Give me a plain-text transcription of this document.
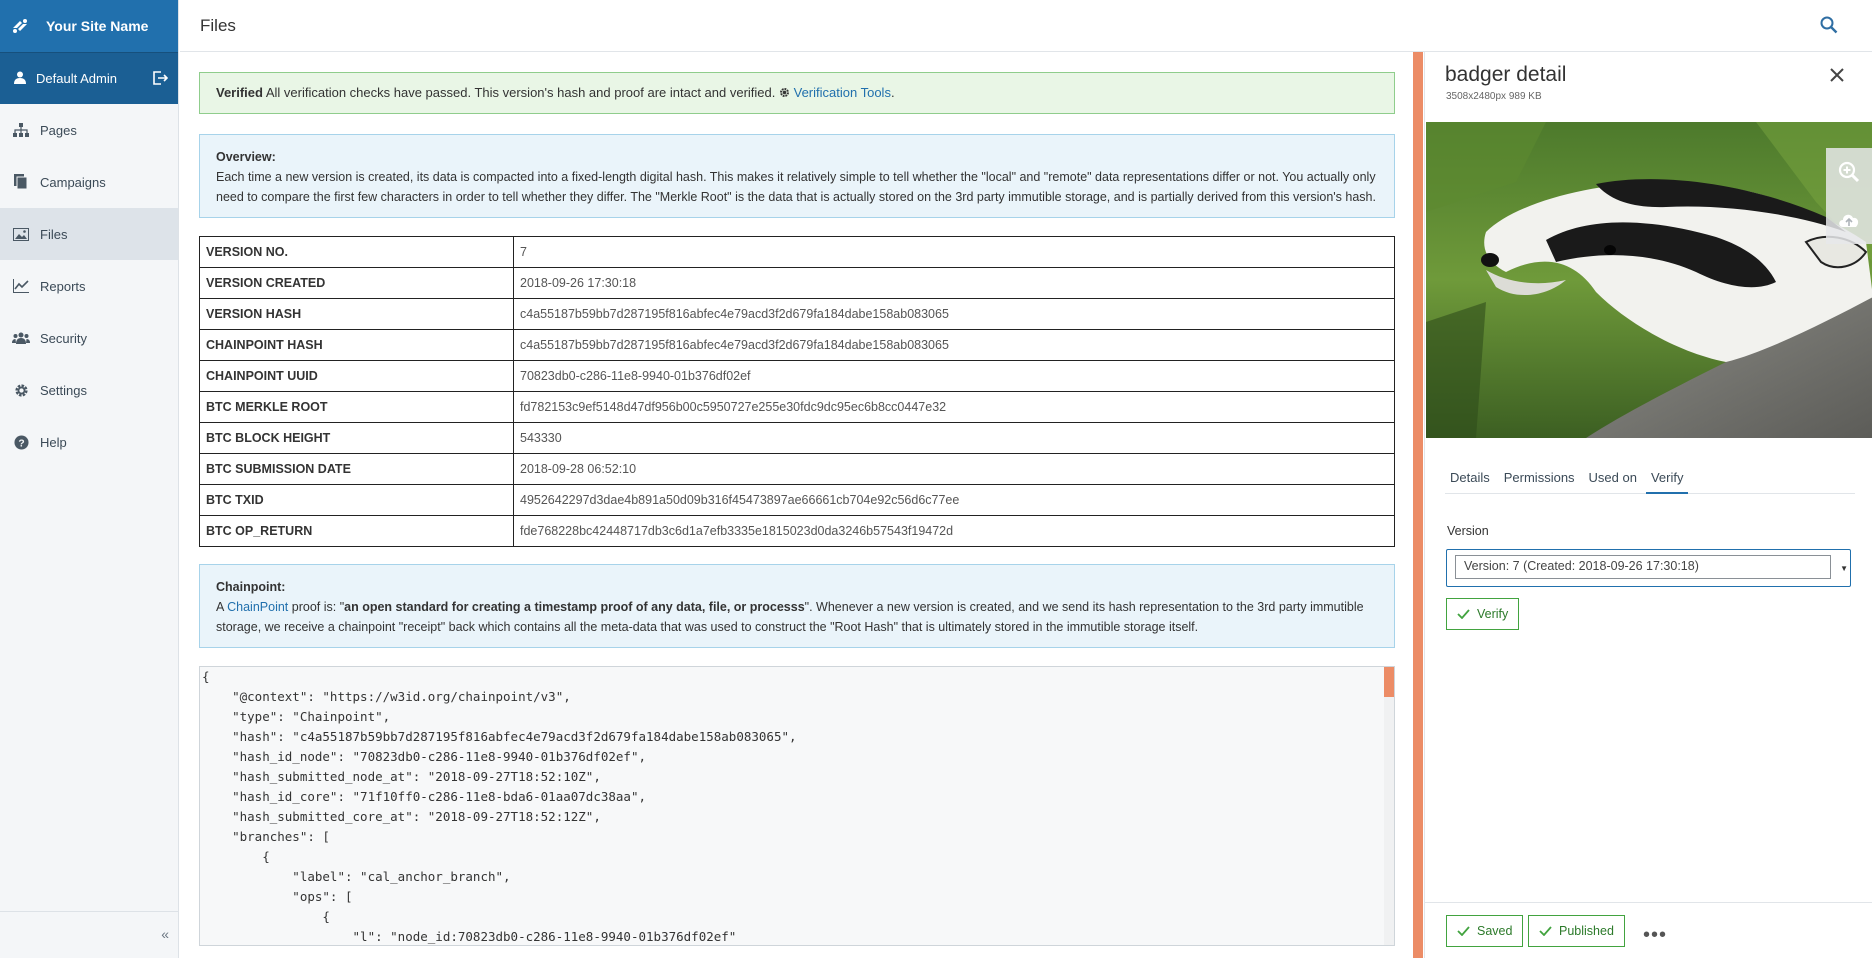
Your Site Name
Default Admin
Pages
Campaigns
Files
Reports
Security
Settings
? Help
«
Files
Verified All verification checks have passed. This version's hash and proof are intact and verified.  Verification Tools.
Overview:
Each time a new version is created, its data is compacted into a fixed-length digital hash. This makes it relatively simple to tell whether the "local" and "remote" data representations differ or not. You actually only need to compare the first few characters in order to tell whether they differ. The "Merkle Root" is the data that is actually stored on the 3rd party immutible storage, and is partially derived from this version's hash.
VERSION NO.	7
VERSION CREATED	2018-09-26 17:30:18
VERSION HASH	c4a55187b59bb7d287195f816abfec4e79acd3f2d679fa184dabe158ab083065
CHAINPOINT HASH	c4a55187b59bb7d287195f816abfec4e79acd3f2d679fa184dabe158ab083065
CHAINPOINT UUID	70823db0-c286-11e8-9940-01b376df02ef
BTC MERKLE ROOT	fd782153c9ef5148d47df956b00c5950727e255e30fdc9dc95ec6b8cc0447e32
BTC BLOCK HEIGHT	543330
BTC SUBMISSION DATE	2018-09-28 06:52:10
BTC TXID	4952642297d3dae4b891a50d09b316f45473897ae66661cb704e92c56d6c77ee
BTC OP_RETURN	fde768228bc42448717db3c6d1a7efb3335e1815023d0da3246b57543f19472d
Chainpoint:
A ChainPoint proof is: "an open standard for creating a timestamp proof of any data, file, or processs". Whenever a new version is created, and we send its hash representation to the 3rd party immutible storage, we receive a chainpoint "receipt" back which contains all the meta-data that was used to construct the "Root Hash" that is ultimately stored in the immutible storage itself.
{
"@context": "https://w3id.org/chainpoint/v3",
"type": "Chainpoint",
"hash": "c4a55187b59bb7d287195f816abfec4e79acd3f2d679fa184dabe158ab083065",
"hash_id_node": "70823db0-c286-11e8-9940-01b376df02ef",
"hash_submitted_node_at": "2018-09-27T18:52:10Z",
"hash_id_core": "71f10ff0-c286-11e8-bda6-01aa07dc38aa",
"hash_submitted_core_at": "2018-09-27T18:52:12Z",
"branches": [
{
"label": "cal_anchor_branch",
"ops": [
{
"l": "node_id:70823db0-c286-11e8-9940-01b376df02ef"
badger detail
3508x2480px 989 KB
Details	Permissions	Used on	Verify
Version
Version: 7 (Created: 2018-09-26 17:30:18)	▼
Verify
Saved	Published •••
